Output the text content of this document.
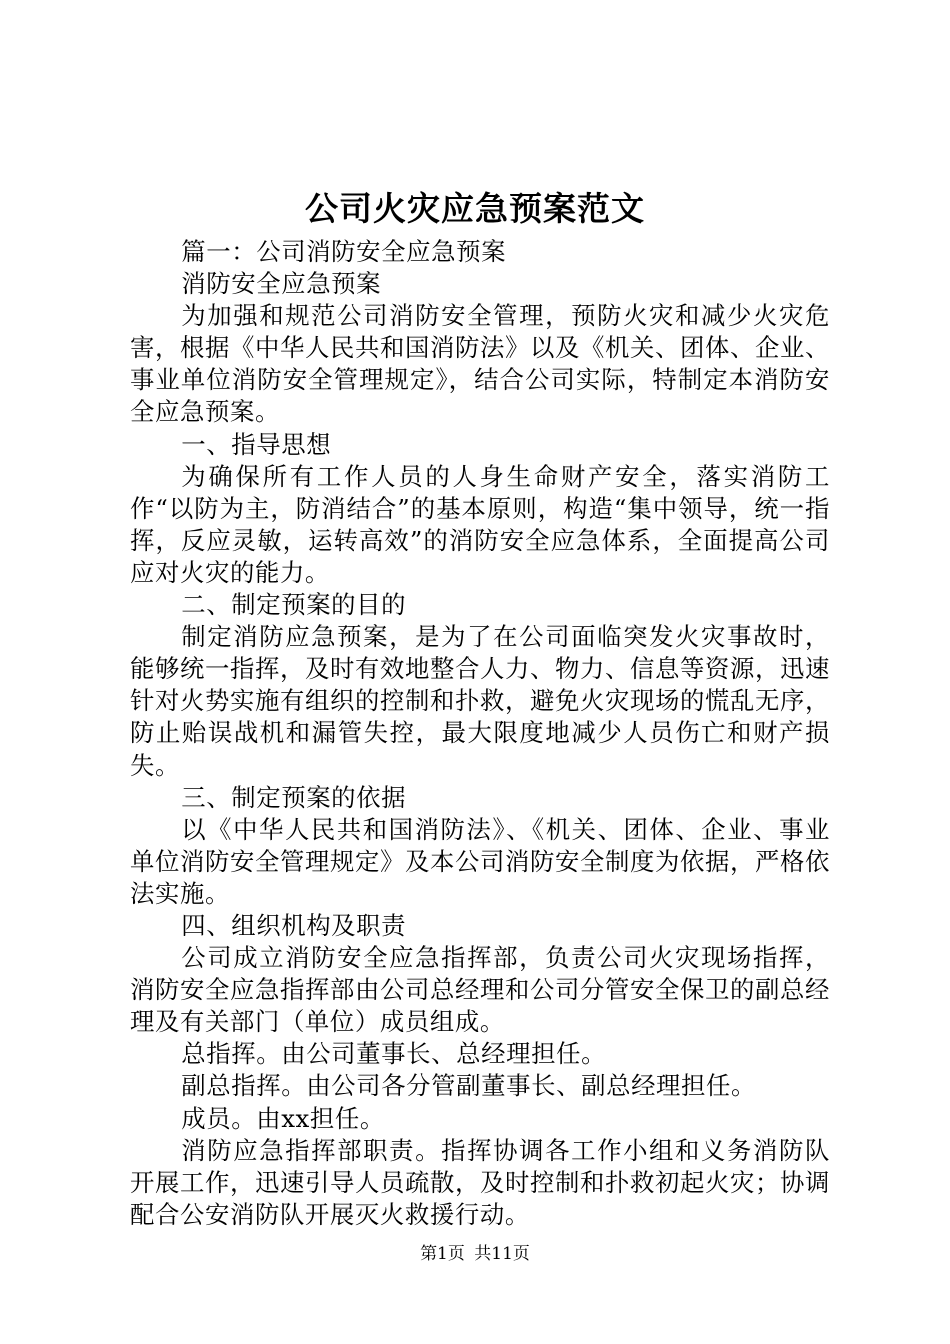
公司火灾应急预案范文

篇一：公司消防安全应急预案

消防安全应急预案

为加强和规范公司消防安全管理，预防火灾和减少火灾危害，根据《中华人民共和国消防法》以及《机关、团体、企业、事业单位消防安全管理规定》，结合公司实际，特制定本消防安全应急预案。

一、指导思想

为确保所有工作人员的人身生命财产安全，落实消防工作“以防为主，防消结合”的基本原则，构造“集中领导，统一指挥，反应灵敏，运转高效”的消防安全应急体系，全面提高公司应对火灾的能力。

二、制定预案的目的

制定消防应急预案，是为了在公司面临突发火灾事故时，能够统一指挥，及时有效地整合人力、物力、信息等资源，迅速针对火势实施有组织的控制和扑救，避免火灾现场的慌乱无序，防止贻误战机和漏管失控，最大限度地减少人员伤亡和财产损失。

三、制定预案的依据

以《中华人民共和国消防法》、《机关、团体、企业、事业单位消防安全管理规定》及本公司消防安全制度为依据，严格依法实施。

四、组织机构及职责

公司成立消防安全应急指挥部，负责公司火灾现场指挥，消防安全应急指挥部由公司总经理和公司分管安全保卫的副总经理及有关部门（单位）成员组成。

总指挥。由公司董事长、总经理担任。

副总指挥。由公司各分管副董事长、副总经理担任。

成员。由xx担任。

消防应急指挥部职责。指挥协调各工作小组和义务消防队开展工作，迅速引导人员疏散，及时控制和扑救初起火灾；协调配合公安消防队开展灭火救援行动。

第1页 共11页
